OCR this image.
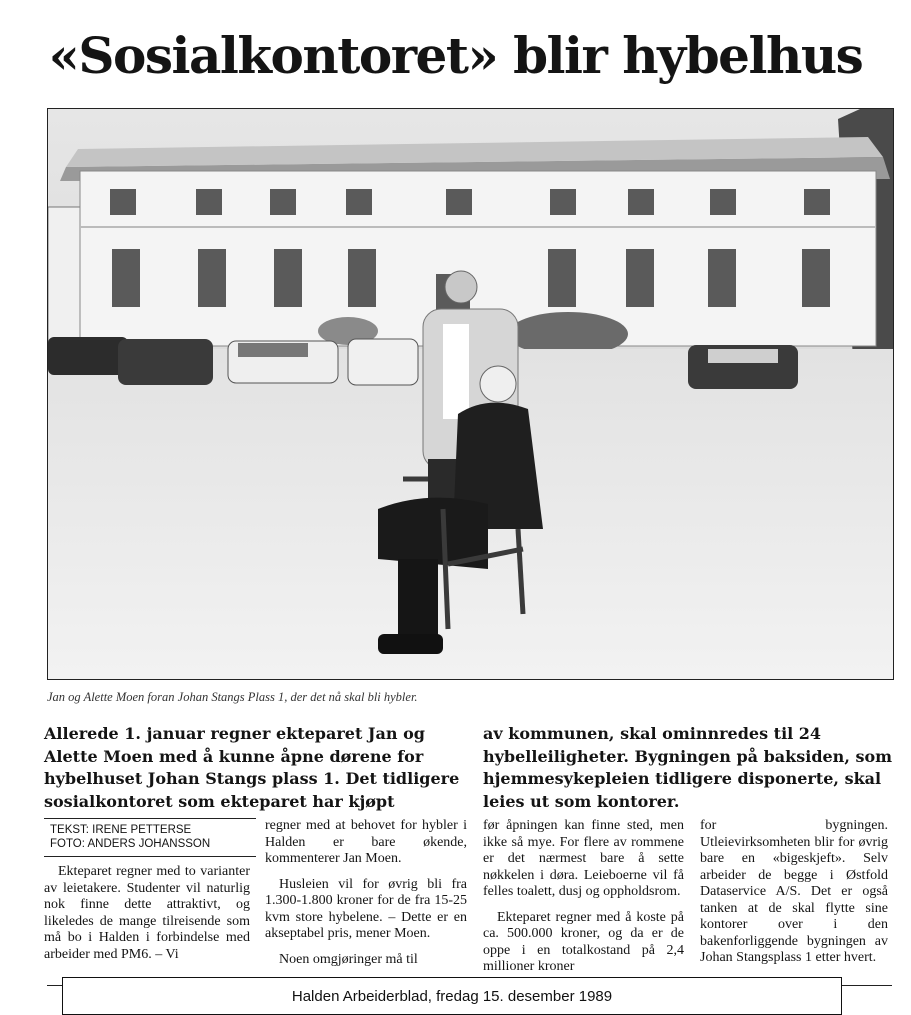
«Sosialkontoret» blir hybelhus
Jan og Alette Moen foran Johan Stangs Plass 1, der det nå skal bli hybler.
Allerede 1. januar regner ekteparet Jan og Alette Moen med å kunne åpne dørene for hybelhuset Johan Stangs plass 1. Det tidligere sosialkontoret som ekteparet har kjøpt
av kommunen, skal ominnredes til 24 hybelleiligheter. Bygningen på baksiden, som hjemmesykepleien tidligere disponerte, skal leies ut som kontorer.
TEKST: IRENE PETTERSE
FOTO: ANDERS JOHANSSON

Ekteparet regner med to varianter av leietakere. Studenter vil naturlig nok finne dette attraktivt, og likeledes de mange tilreisende som må bo i Halden i forbindelse med arbeider med PM6. – Vi

regner med at behovet for hybler i Halden er bare økende, kommenterer Jan Moen.

Husleien vil for øvrig bli fra 1.300-1.800 kroner for de fra 15-25 kvm store hybelene. – Dette er en akseptabel pris, mener Moen.

Noen omgjøringer må til

før åpningen kan finne sted, men ikke så mye. For flere av rommene er det nærmest bare å sette nøkkelen i døra. Leieboerne vil få felles toalett, dusj og oppholdsrom.

Ekteparet regner med å koste på ca. 500.000 kroner, og da er de oppe i en totalkostand på 2,4 millioner kroner

for bygningen. Utleievirksomheten blir for øvrig bare en «bigeskjeft». Selv arbeider de begge i Østfold Dataservice A/S. Det er også tanken at de skal flytte sine kontorer over i den bakenforliggende bygningen av Johan Stangsplass 1 etter hvert.

Halden Arbeiderblad, fredag 15. desember 1989
